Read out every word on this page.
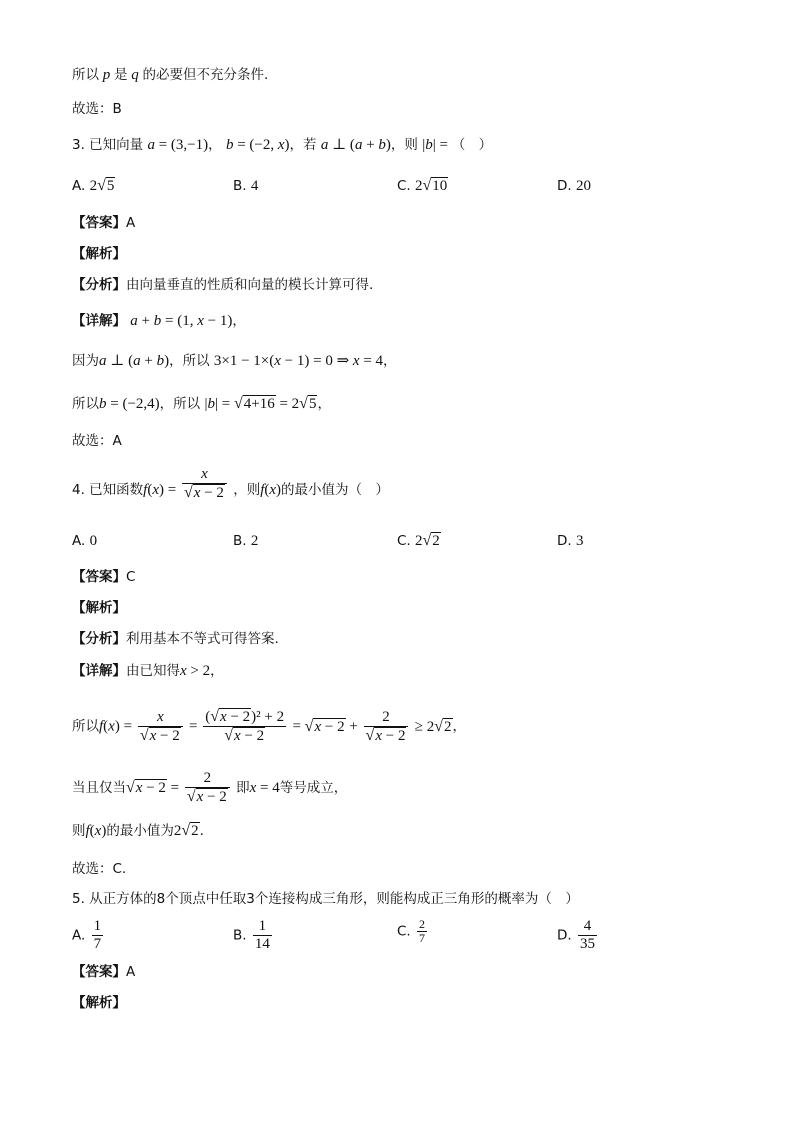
所以 p 是 q 的必要但不充分条件.
故选：B
3. 已知向量 a = (3,−1)， b = (−2, x)，若 a ⊥ (a + b)，则 |b| = （　）
A. 2√5	B. 4	C. 2√10	D. 20
【答案】A
【解析】
【分析】由向量垂直的性质和向量的模长计算可得.
【详解】 a + b = (1, x − 1)，
因为a ⊥ (a + b)，所以 3×1 − 1×(x − 1) = 0 ⇒ x = 4，
所以b = (−2,4)，所以 |b| = √4+16 = 2√5，
故选：A
4. 已知函数$f(x) = \frac{x}{√x - 2}$ ，则f(x)的最小值为（　）
A. 0	B. 2	C. 2√2	D. 3
【答案】C
【解析】
【分析】利用基本不等式可得答案.
【详解】由已知得x > 2，
所以$f(x) = \frac{x}{√x - 2} = \frac{\text{(√x − 2)² + 2}}{√x - 2} = √x - 2 + \frac{2}{√x - 2} \ge 2√2$，
当且仅当$√x - 2 = \frac{2}{√x - 2}$ 即x = 4等号成立，
则f(x)的最小值为2√2.
故选：C.
5. 从正方体的8个顶点中任取3个连接构成三角形，则能构成正三角形的概率为（　）
A. $\frac{1}{7}$	B. $\frac{1}{14}$	C. $\frac{2}{7}$	D. $\frac{4}{35}$
【答案】A
【解析】
